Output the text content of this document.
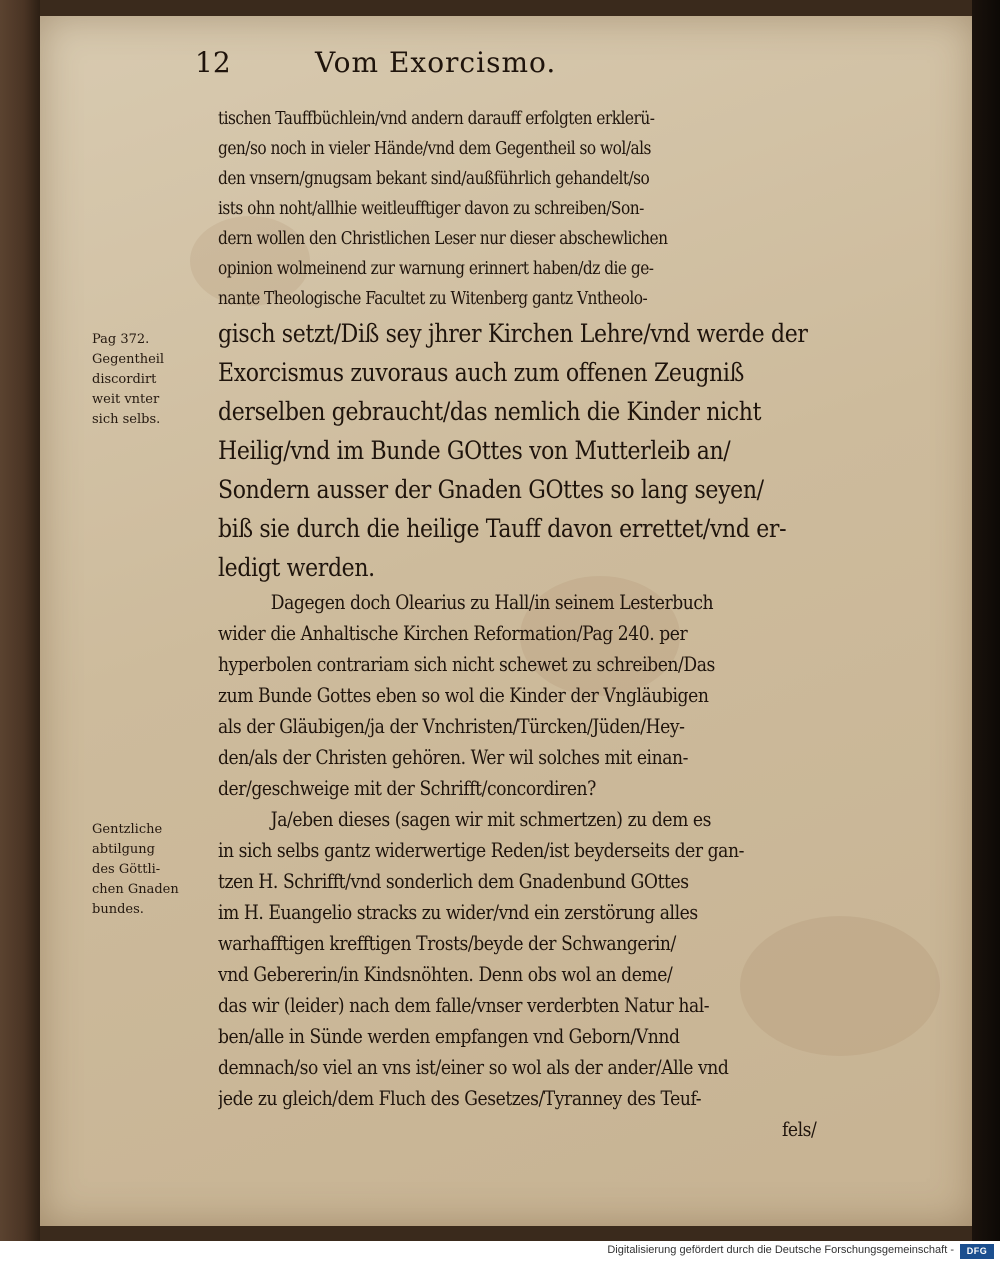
12	Vom Exorcismo.
tischen Tauffbüchlein/vnd andern darauff erfolgten erklerü-
gen/so noch in vieler Hände/vnd dem Gegentheil so wol/als
den vnsern/gnugsam bekant sind/außführlich gehandelt/so
ists ohn noht/allhie weitleufftiger davon zu schreiben/Son-
dern wollen den Christlichen Leser nur dieser abschewlichen
opinion wolmeinend zur warnung erinnert haben/dz die ge-
nante Theologische Facultet zu Witenberg gantz Vntheolo-
gisch setzt/Diß sey jhrer Kirchen Lehre/vnd werde der
Exorcismus zuvoraus auch zum offenen Zeugniß
derselben gebraucht/das nemlich die Kinder nicht
Heilig/vnd im Bunde GOttes von Mutterleib an/
Sondern ausser der Gnaden GOttes so lang seyen/
biß sie durch die heilige Tauff davon errettet/vnd er-
ledigt werden.
Dagegen doch Olearius zu Hall/in seinem Lesterbuch
wider die Anhaltische Kirchen Reformation/Pag 240. per
hyperbolen contrariam sich nicht schewet zu schreiben/Das
zum Bunde Gottes eben so wol die Kinder der Vngläubigen
als der Gläubigen/ja der Vnchristen/Türcken/Jüden/Hey-
den/als der Christen gehören. Wer wil solches mit einan-
der/geschweige mit der Schrifft/concordiren?
Ja/eben dieses (sagen wir mit schmertzen) zu dem es
in sich selbs gantz widerwertige Reden/ist beyderseits der gan-
tzen H. Schrifft/vnd sonderlich dem Gnadenbund GOttes
im H. Euangelio stracks zu wider/vnd ein zerstörung alles
warhafftigen krefftigen Trosts/beyde der Schwangerin/
vnd Gebererin/in Kindsnöhten. Denn obs wol an deme/
das wir (leider) nach dem falle/vnser verderbten Natur hal-
ben/alle in Sünde werden empfangen vnd Geborn/Vnnd
demnach/so viel an vns ist/einer so wol als der ander/Alle vnd
jede zu gleich/dem Fluch des Gesetzes/Tyranney des Teuf-
fels/
Pag 372.
Gegentheil
discordirt
weit vnter
sich selbs.
Gentzliche
abtilgung
des Göttli-
chen Gnaden
bundes.
Digitalisierung gefördert durch die Deutsche Forschungsgemeinschaft -	DFG
